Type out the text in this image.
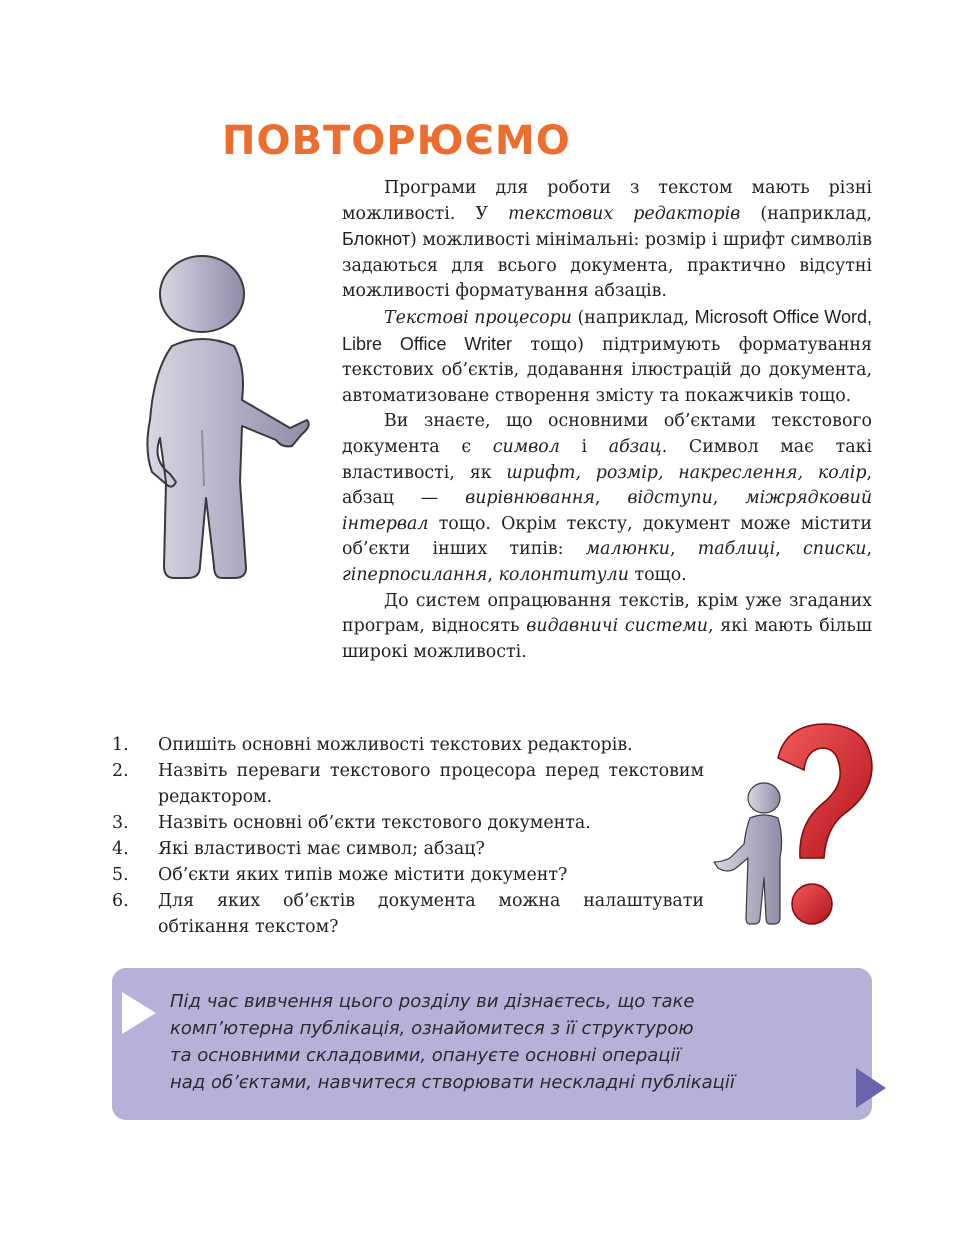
ПОВТОРЮЄМО

Програми для роботи з текстом мають різні можливості. У текстових редакторів (наприклад, Блокнот) можливості мінімальні: розмір і шрифт символів задаються для всього документа, практично відсутні можливості форматування абзаців.

Текстові процесори (наприклад, Microsoft Office Word, Libre Office Writer тощо) підтримують форматування текстових об’єктів, додавання ілюстрацій до документа, автоматизоване створення змісту та покажчиків тощо.

Ви знаєте, що основними об’єктами текстового документа є символ і абзац. Символ має такі властивості, як шрифт, розмір, накреслення, колір, абзац — вирівнювання, відступи, міжрядковий інтервал тощо. Окрім тексту, документ може містити об’єкти інших типів: малюнки, таблиці, списки, гіперпосилання, колонтитули тощо.

До систем опрацювання текстів, крім уже згаданих програм, відносять видавничі системи, які мають більш широкі можливості.

1. Опишіть основні можливості текстових редакторів.
2. Назвіть переваги текстового процесора перед текстовим редактором.
3. Назвіть основні об’єкти текстового документа.
4. Які властивості має символ; абзац?
5. Об’єкти яких типів може містити документ?
6. Для яких об’єктів документа можна налаштувати обтікання текстом?
Під час вивчення цього розділу ви дізнаєтесь, що таке
комп’ютерна публікація, ознайомитеся з її структурою
та основними складовими, опануєте основні операції
над об’єктами, навчитеся створювати нескладні публікації
